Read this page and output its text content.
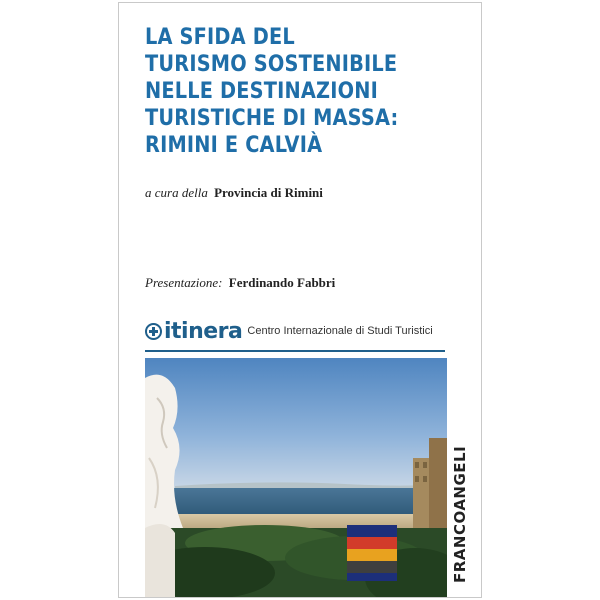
LA SFIDA DEL
TURISMO SOSTENIBILE
NELLE DESTINAZIONI
TURISTICHE DI MASSA:
RIMINI E CALVIÀ
a cura della Provincia di Rimini
Presentazione: Ferdinando Fabbri
itinera Centro Internazionale di Studi Turistici
FRANCOANGELI
